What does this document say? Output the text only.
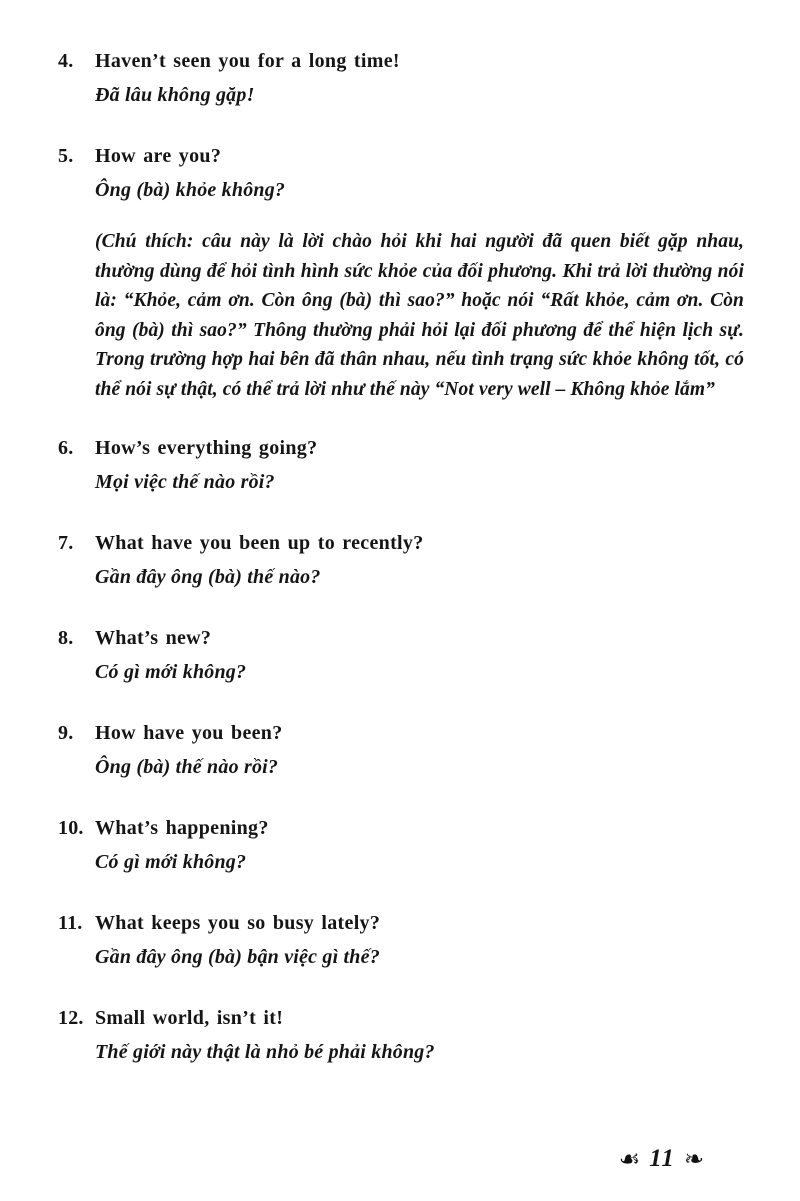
4. Haven’t seen you for a long time!
Đã lâu không gặp!
5. How are you?
Ông (bà) khỏe không?
(Chú thích: câu này là lời chào hỏi khi hai người đã quen biết gặp nhau, thường dùng để hỏi tình hình sức khỏe của đối phương. Khi trả lời thường nói là: “Khỏe, cảm ơn. Còn ông (bà) thì sao?” hoặc nói “Rất khỏe, cảm ơn. Còn ông (bà) thì sao?” Thông thường phải hỏi lại đối phương để thể hiện lịch sự. Trong trường hợp hai bên đã thân nhau, nếu tình trạng sức khỏe không tốt, có thể nói sự thật, có thể trả lời như thế này “Not very well – Không khỏe lắm”
6. How’s everything going?
Mọi việc thế nào rồi?
7. What have you been up to recently?
Gần đây ông (bà) thế nào?
8. What’s new?
Có gì mới không?
9. How have you been?
Ông (bà) thế nào rồi?
10. What’s happening?
Có gì mới không?
11. What keeps you so busy lately?
Gần đây ông (bà) bận việc gì thế?
12. Small world, isn’t it!
Thế giới này thật là nhỏ bé phải không?
☙ 11 ❧
